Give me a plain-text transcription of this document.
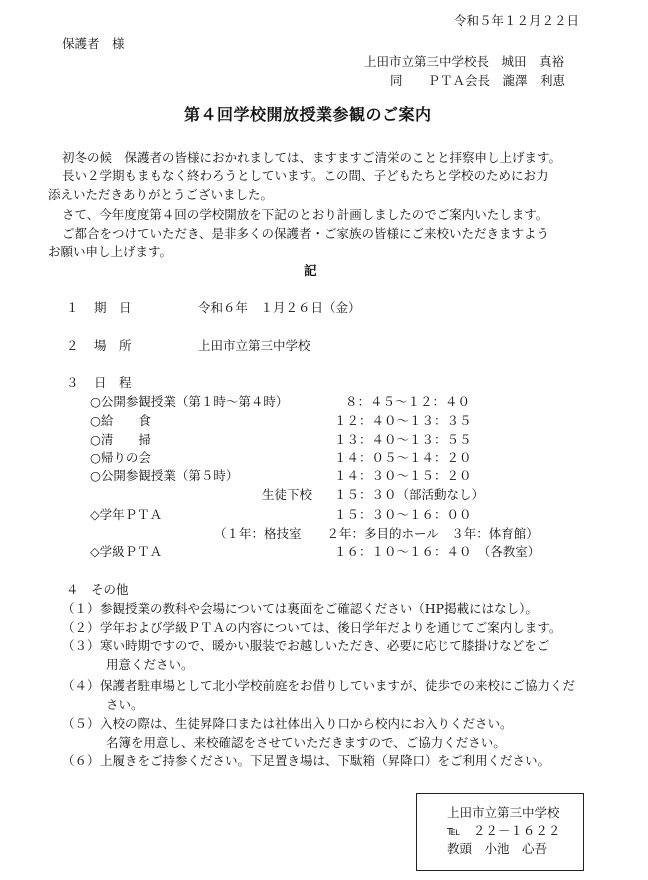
令和５年１２月２２日
保護者　様
上田市立第三中学校長　城田　真裕
同　　ＰＴＡ会長　瀧澤　利恵
第４回学校開放授業参観のご案内
初冬の候　保護者の皆様におかれましては、ますますご清栄のことと拝察申し上げます。
長い２学期もまもなく終わろうとしています。この間、子どもたちと学校のためにお力
添えいただきありがとうございました。
さて、今年度度第４回の学校開放を下記のとおり計画しましたのでご案内いたします。
ご都合をつけていただき、是非多くの保護者・ご家族の皆様にご来校いただきますよう
お願い申し上げます。
記
１ 期　日	令和６年　１月２６日（金）
２ 場　所	上田市立第三中学校
３ 日　程
○公開参観授業（第１時～第４時）	８：４５～１２：４０
○給　　食	１２：４０～１３：３５
○清　　掃	１３：４０～１３：５５
○帰りの会	１４：０５～１４：２０
○公開参観授業（第５時）	１４：３０～１５：２０
生徒下校 １５：３０（部活動なし）
◇学年ＰＴＡ	１５：３０～１６：００
（１年：格技室　　２年：多目的ホール　３年：体育館）
◇学級ＰＴＡ	１６：１０～１６：４０　（各教室）
４　その他
（１） 参観授業の教科や会場については裏面をご確認ください（HP掲載にはなし）。
（２） 学年および学級ＰＴＡの内容については、後日学年だよりを通じてご案内します。
（３） 寒い時期ですので、暖かい服装でお越しいただき、必要に応じて膝掛けなどをご
用意ください。
（４） 保護者駐車場として北小学校前庭をお借りしていますが、徒歩での来校にご協力くだ
さい。
（５） 入校の際は、生徒昇降口または社体出入り口から校内にお入りください。
名簿を用意し、来校確認をさせていただきますので、ご協力ください。
（６） 上履きをご持参ください。下足置き場は、下駄箱（昇降口）をご利用ください。
上田市立第三中学校
℡　２２－１６２２
教頭　小池　心吾
